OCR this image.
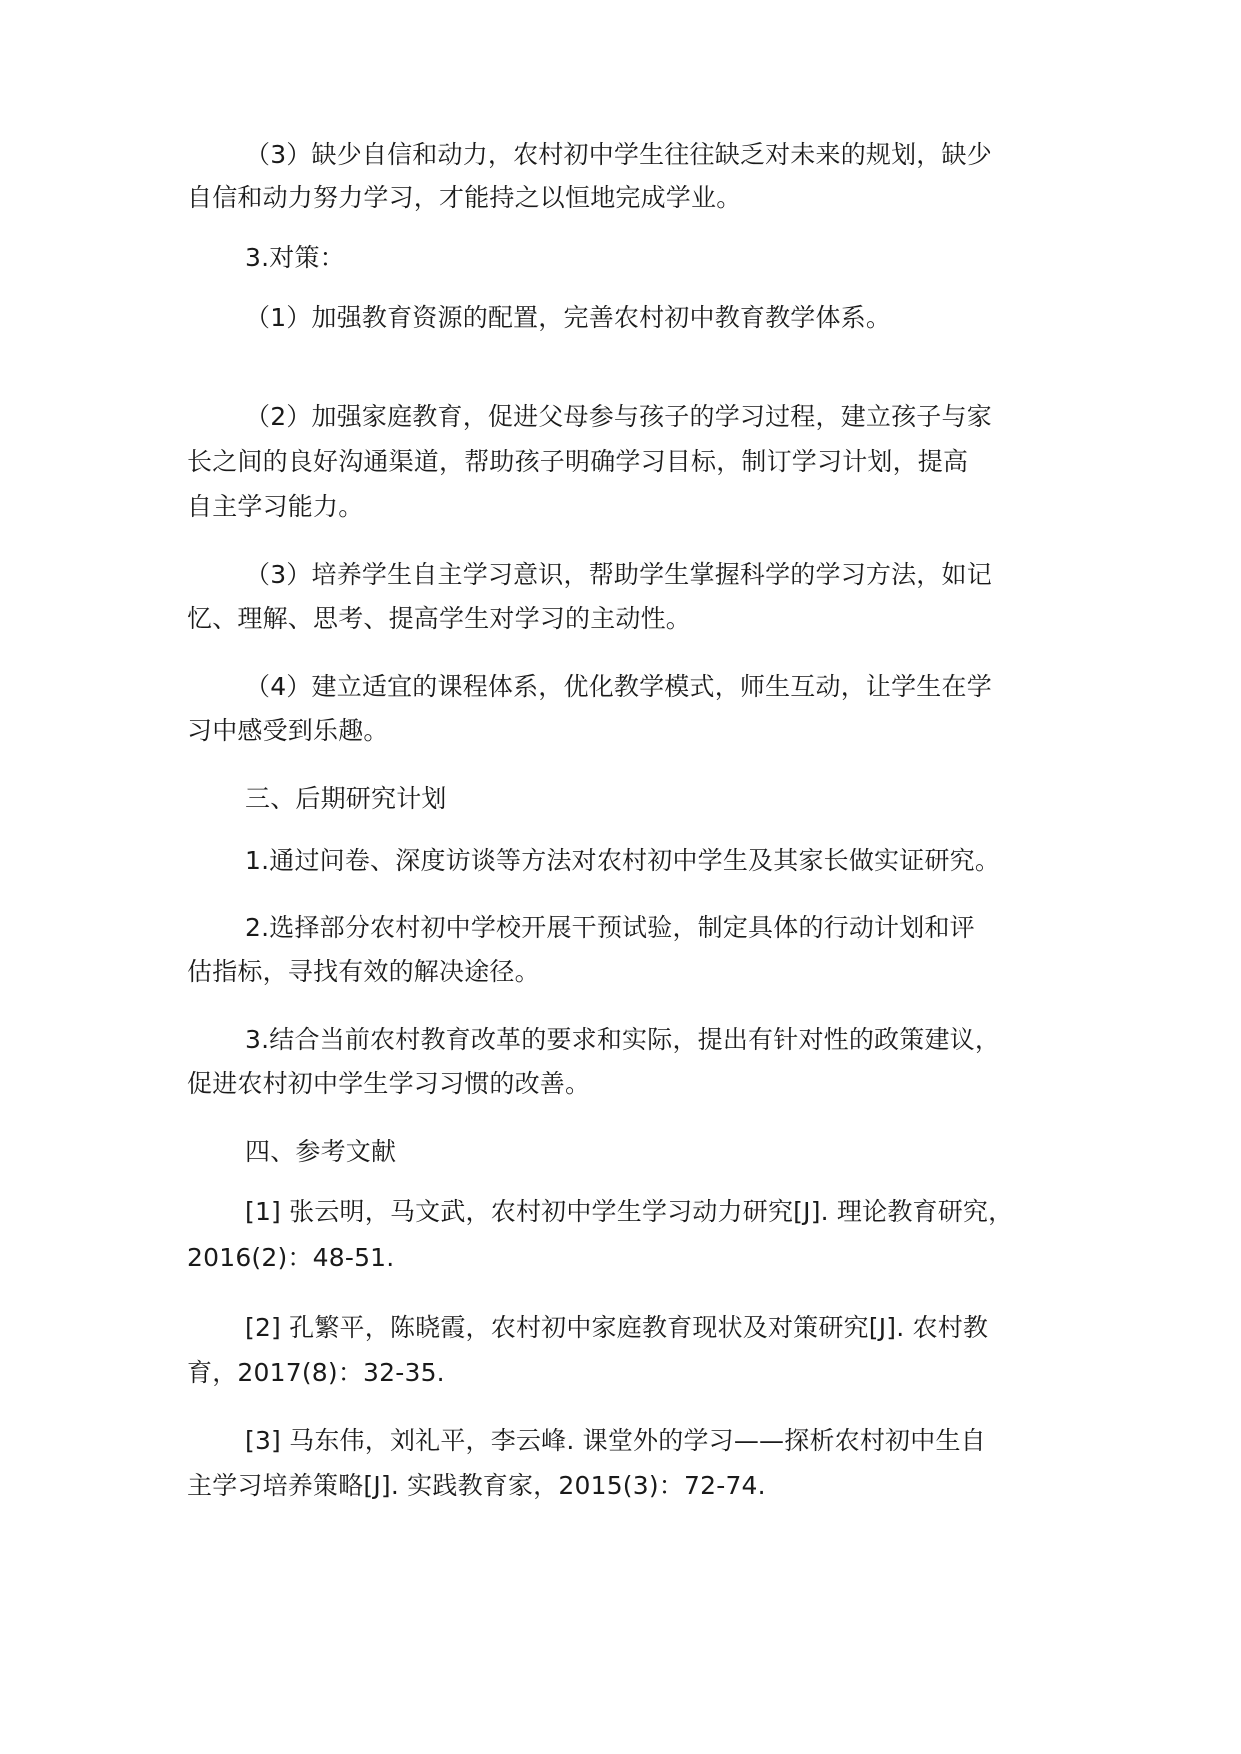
（3）缺少自信和动力，农村初中学生往往缺乏对未来的规划，缺少
自信和动力努力学习，才能持之以恒地完成学业。
3.对策：
（1）加强教育资源的配置，完善农村初中教育教学体系。
（2）加强家庭教育，促进父母参与孩子的学习过程，建立孩子与家
长之间的良好沟通渠道，帮助孩子明确学习目标，制订学习计划，提高
自主学习能力。
（3）培养学生自主学习意识，帮助学生掌握科学的学习方法，如记
忆、理解、思考、提高学生对学习的主动性。
（4）建立适宜的课程体系，优化教学模式，师生互动，让学生在学
习中感受到乐趣。
三、后期研究计划
1.通过问卷、深度访谈等方法对农村初中学生及其家长做实证研究。
2.选择部分农村初中学校开展干预试验，制定具体的行动计划和评
估指标，寻找有效的解决途径。
3.结合当前农村教育改革的要求和实际，提出有针对性的政策建议，
促进农村初中学生学习习惯的改善。
四、参考文献
[1] 张云明，马文武，农村初中学生学习动力研究[J]. 理论教育研究，
2016(2)：48-51.
[2] 孔繁平，陈晓霞，农村初中家庭教育现状及对策研究[J]. 农村教
育，2017(8)：32-35.
[3] 马东伟，刘礼平，李云峰. 课堂外的学习——探析农村初中生自
主学习培养策略[J]. 实践教育家，2015(3)：72-74.
